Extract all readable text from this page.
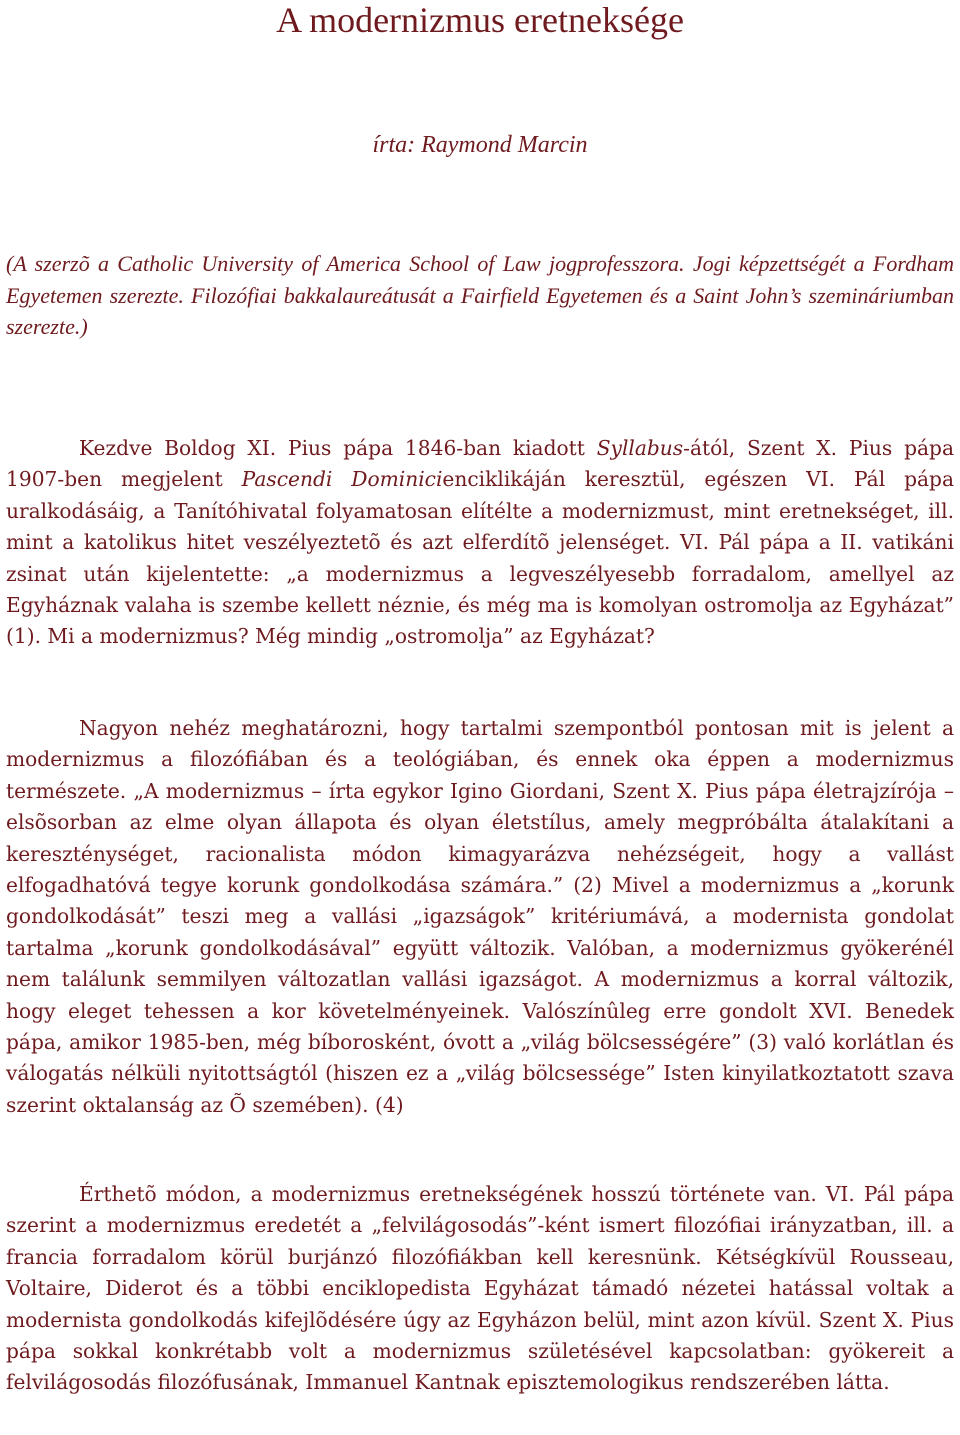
A modernizmus eretneksége
írta: Raymond Marcin
(A szerzõ a Catholic University of America School of Law jogprofesszora. Jogi képzettségét a Fordham Egyetemen szerezte. Filozófiai bakkalaureátusát a Fairfield Egyetemen és a Saint John’s szemináriumban szerezte.)

Kezdve Boldog XI. Pius pápa 1846-ban kiadott Syllabus-ától, Szent X. Pius pápa 1907-ben megjelent Pascendi Dominicienciklikáján keresztül, egészen VI. Pál pápa uralkodásáig, a Tanítóhivatal folyamatosan elítélte a modernizmust, mint eretnekséget, ill. mint a katolikus hitet veszélyeztetõ és azt elferdítõ jelenséget. VI. Pál pápa a II. vatikáni zsinat után kijelentette: „a modernizmus a legveszélyesebb forradalom, amellyel az Egyháznak valaha is szembe kellett néznie, és még ma is komolyan ostromolja az Egyházat” (1). Mi a modernizmus? Még mindig „ostromolja” az Egyházat?

Nagyon nehéz meghatározni, hogy tartalmi szempontból pontosan mit is jelent a modernizmus a filozófiában és a teológiában, és ennek oka éppen a modernizmus természete. „A modernizmus – írta egykor Igino Giordani, Szent X. Pius pápa életrajzírója – elsõsorban az elme olyan állapota és olyan életstílus, amely megpróbálta átalakítani a kereszténységet, racionalista módon kimagyarázva nehézségeit, hogy a vallást elfogadhatóvá tegye korunk gondolkodása számára.” (2) Mivel a modernizmus a „korunk gondolkodását” teszi meg a vallási „igazságok” kritériumává, a modernista gondolat tartalma „korunk gondolkodásával” együtt változik. Valóban, a modernizmus gyökerénél nem találunk semmilyen változatlan vallási igazságot. A modernizmus a korral változik, hogy eleget tehessen a kor követelményeinek. Valószínûleg erre gondolt XVI. Benedek pápa, amikor 1985-ben, még bíborosként, óvott a „világ bölcsességére” (3) való korlátlan és válogatás nélküli nyitottságtól (hiszen ez a „világ bölcsessége” Isten kinyilatkoztatott szava szerint oktalanság az Õ szemében). (4)

Érthetõ módon, a modernizmus eretnekségének hosszú története van. VI. Pál pápa szerint a modernizmus eredetét a „felvilágosodás”-ként ismert filozófiai irányzatban, ill. a francia forradalom körül burjánzó filozófiákban kell keresnünk. Kétségkívül Rousseau, Voltaire, Diderot és a többi enciklopedista Egyházat támadó nézetei hatással voltak a modernista gondolkodás kifejlõdésére úgy az Egyházon belül, mint azon kívül. Szent X. Pius pápa sokkal konkrétabb volt a modernizmus születésével kapcsolatban: gyökereit a felvilágosodás filozófusának, Immanuel Kantnak episztemologikus rendszerében látta.
